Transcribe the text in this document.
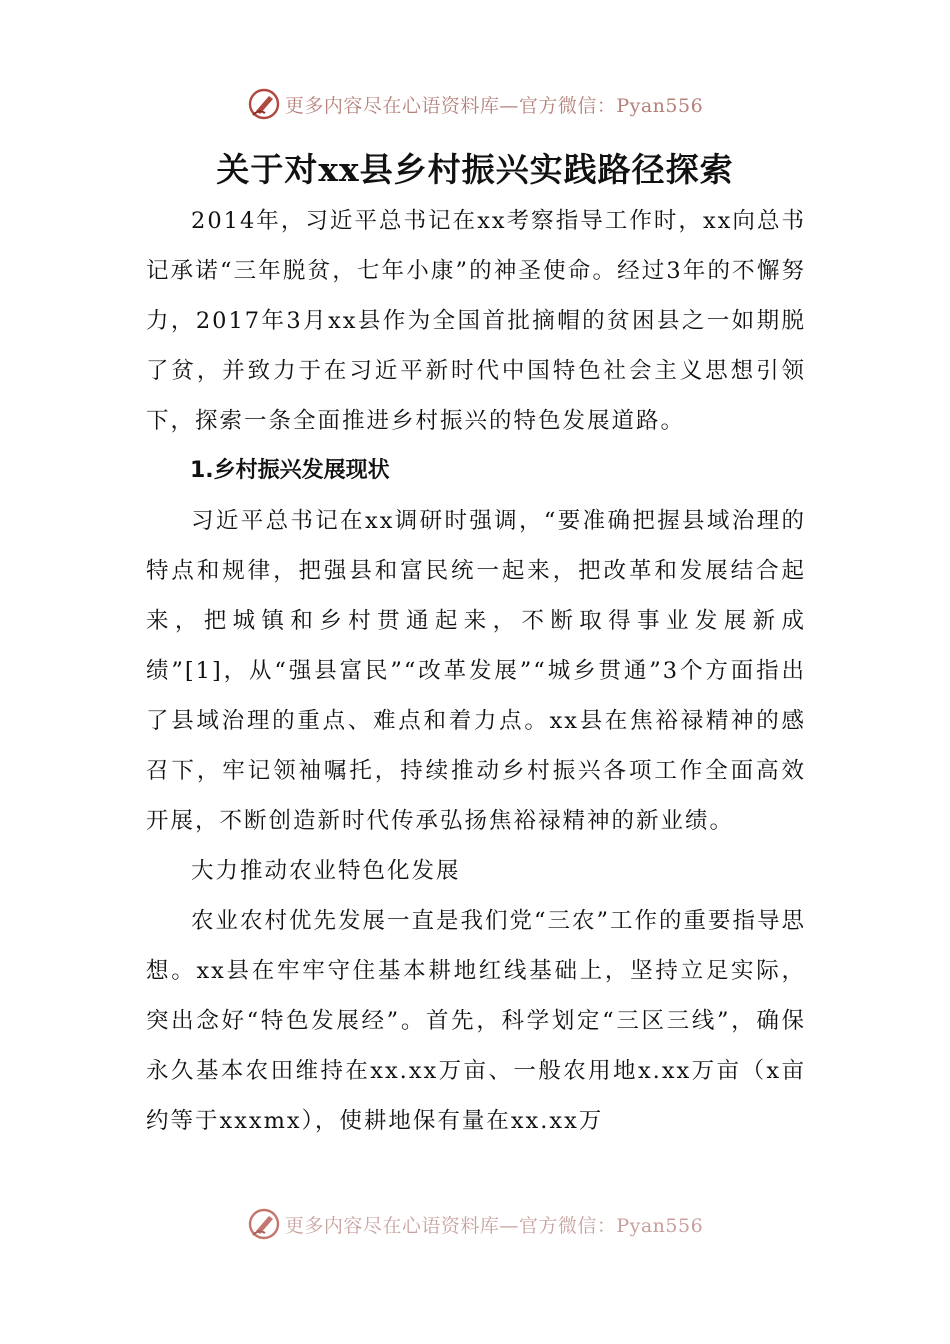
更多内容尽在心语资料库—官方微信：Pyan556
关于对xx县乡村振兴实践路径探索

2014年，习近平总书记在xx考察指导工作时，xx向总书记承诺“三年脱贫，七年小康”的神圣使命。经过3年的不懈努力，2017年3月xx县作为全国首批摘帽的贫困县之一如期脱了贫，并致力于在习近平新时代中国特色社会主义思想引领下，探索一条全面推进乡村振兴的特色发展道路。

1.乡村振兴发展现状

习近平总书记在xx调研时强调，“要准确把握县域治理的特点和规律，把强县和富民统一起来，把改革和发展结合起来，把城镇和乡村贯通起来，不断取得事业发展新成绩”[1]，从“强县富民”“改革发展”“城乡贯通”3个方面指出了县域治理的重点、难点和着力点。xx县在焦裕禄精神的感召下，牢记领袖嘱托，持续推动乡村振兴各项工作全面高效开展，不断创造新时代传承弘扬焦裕禄精神的新业绩。

大力推动农业特色化发展

农业农村优先发展一直是我们党“三农”工作的重要指导思想。xx县在牢牢守住基本耕地红线基础上，坚持立足实际，突出念好“特色发展经”。首先，科学划定“三区三线”，确保永久基本农田维持在xx.xx万亩、一般农用地x.xx万亩（x亩约等于xxxmx），使耕地保有量在xx.xx万

更多内容尽在心语资料库—官方微信：Pyan556
